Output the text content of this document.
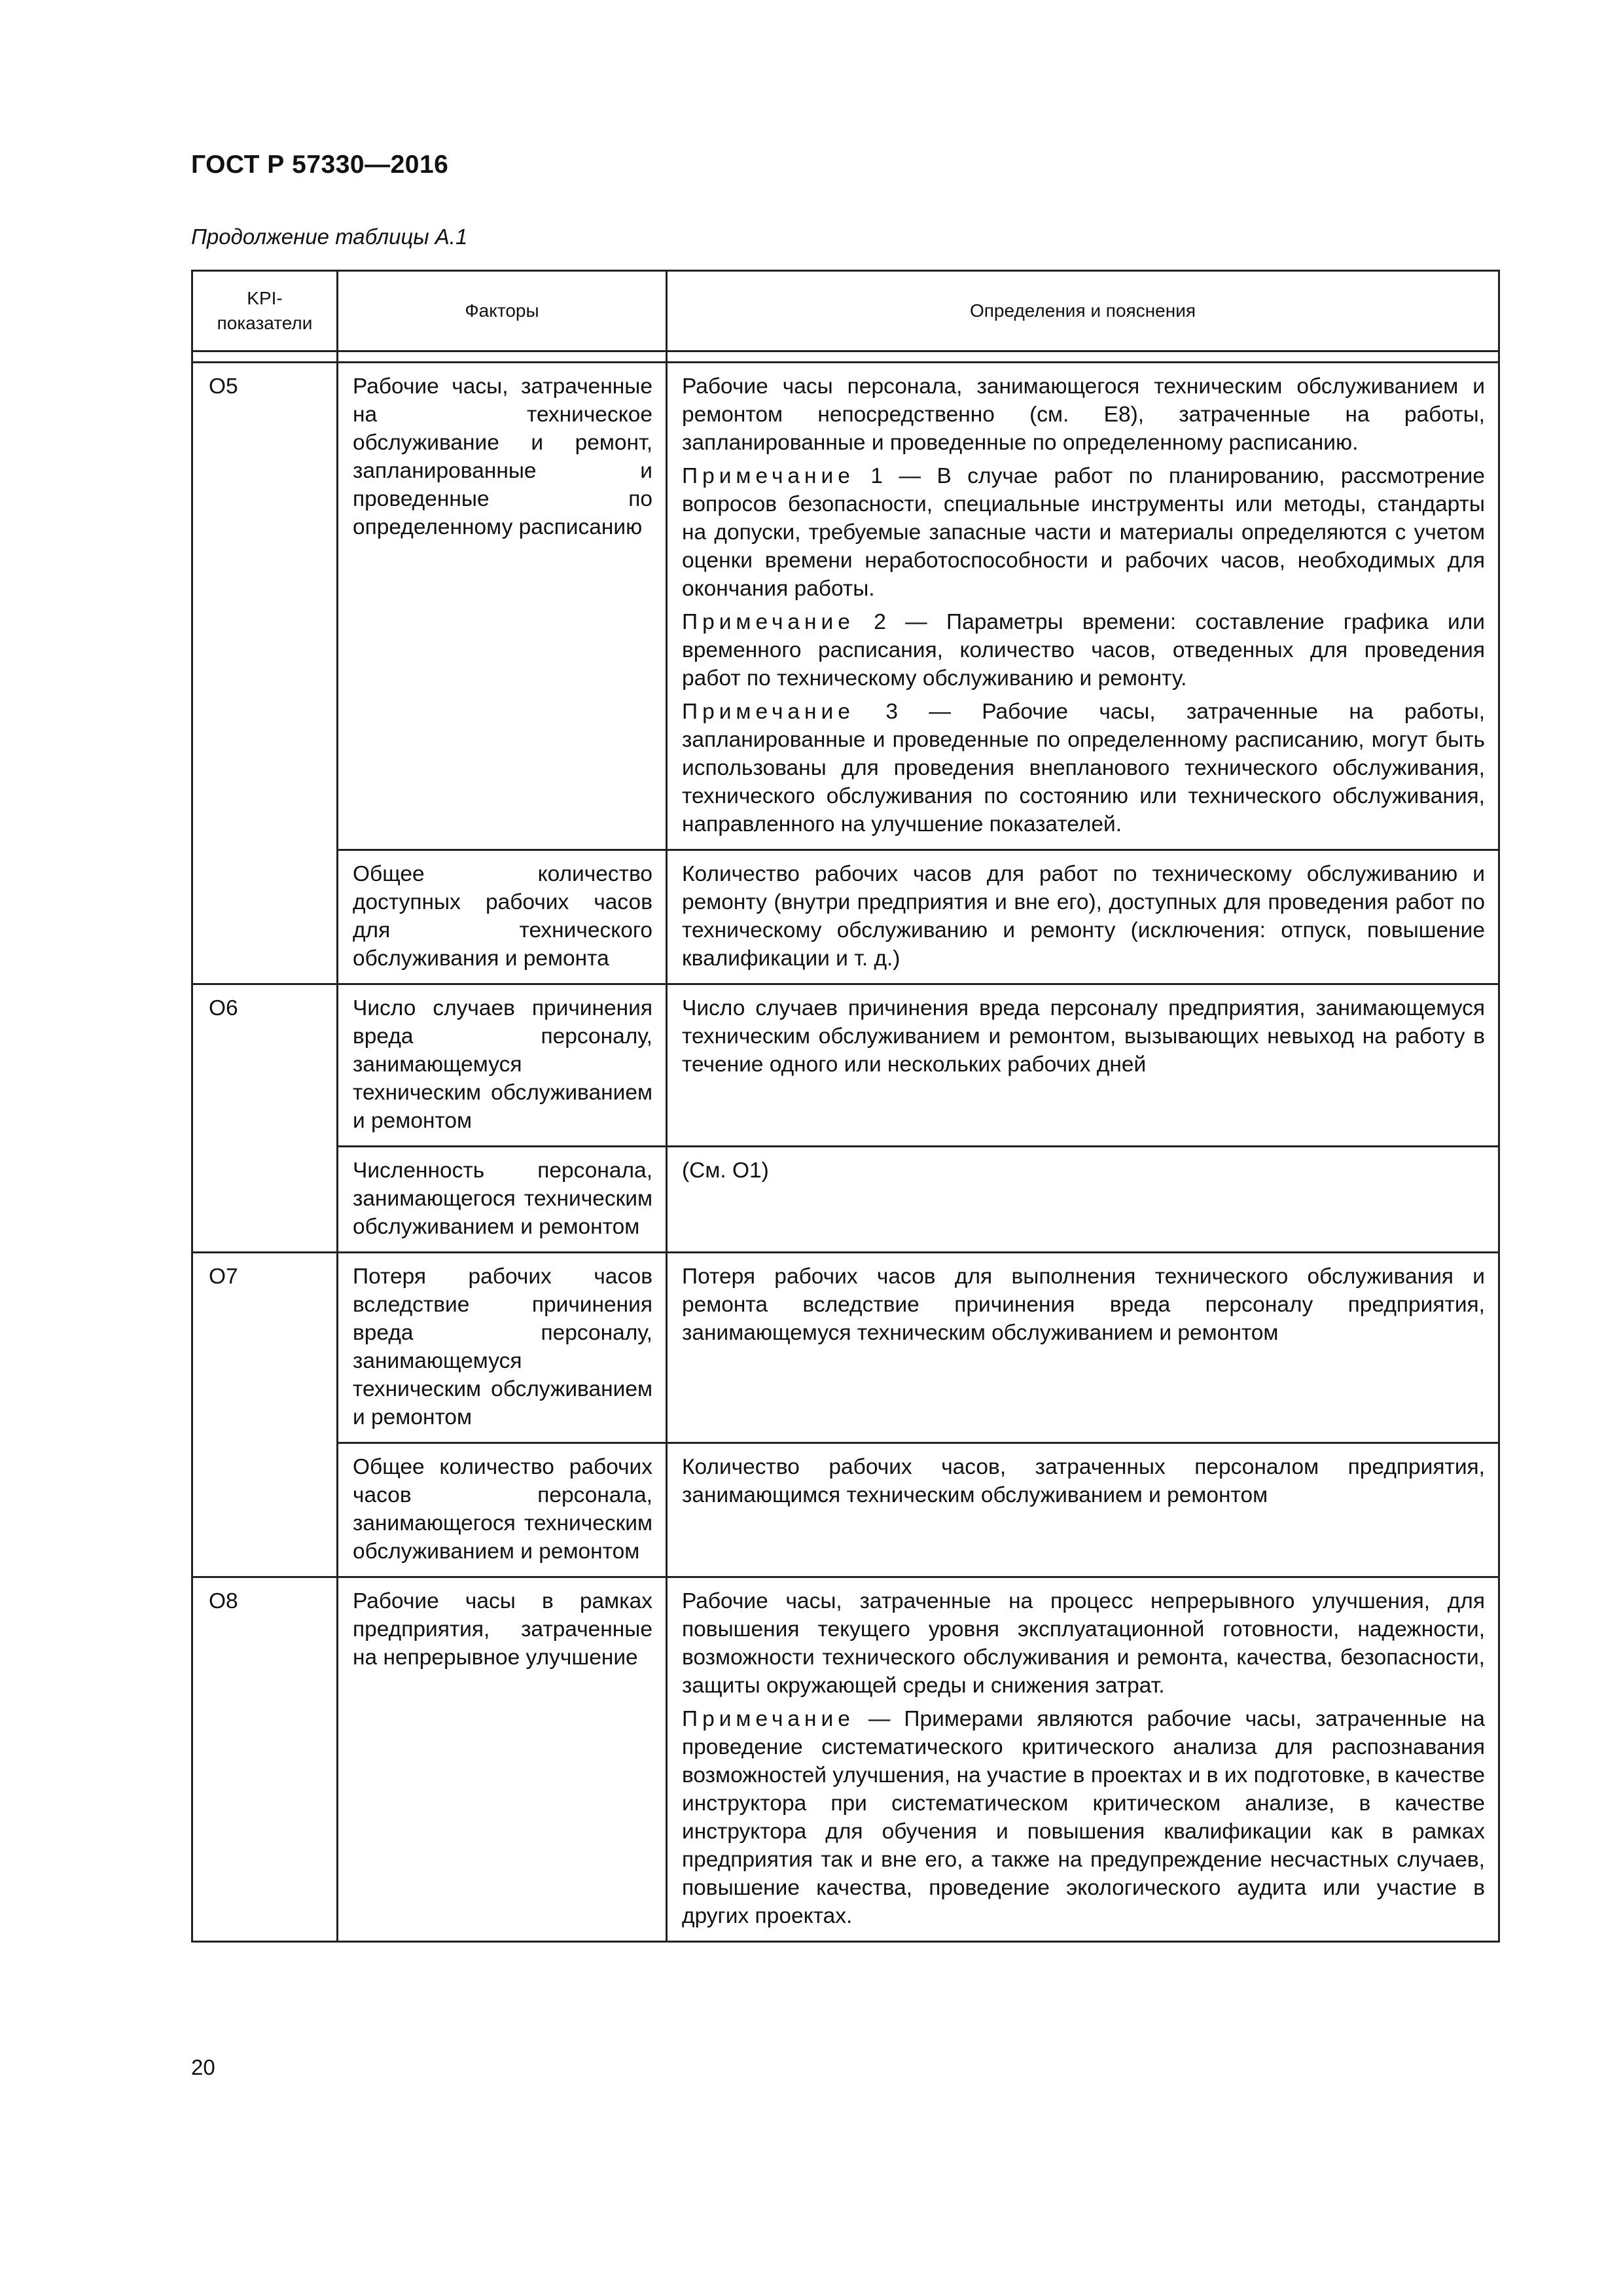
ГОСТ Р 57330—2016
Продолжение таблицы А.1
KPI-показатели	Факторы	Определения и пояснения

O5	Рабочие часы, затраченные на техническое обслуживание и ремонт, запланированные и проведенные по определенному расписанию	Рабочие часы персонала, занимающегося техническим обслуживанием и ремонтом непосредственно (см. Е8), затраченные на работы, запланированные и проведенные по определенному расписанию.
Примечание 1 — В случае работ по планированию, рассмотрение вопросов безопасности, специальные инструменты или методы, стандарты на допуски, требуемые запасные части и материалы определяются с учетом оценки времени неработоспособности и рабочих часов, необходимых для окончания работы.
Примечание 2 — Параметры времени: составление графика или временного расписания, количество часов, отведенных для проведения работ по техническому обслуживанию и ремонту.
Примечание 3 — Рабочие часы, затраченные на работы, запланированные и проведенные по определенному расписанию, могут быть использованы для проведения внепланового технического обслуживания, технического обслуживания по состоянию или технического обслуживания, направленного на улучшение показателей.

	Общее количество доступных рабочих часов для технического обслуживания и ремонта	Количество рабочих часов для работ по техническому обслуживанию и ремонту (внутри предприятия и вне его), доступных для проведения работ по техническому обслуживанию и ремонту (исключения: отпуск, повышение квалификации и т. д.)

O6	Число случаев причинения вреда персоналу, занимающемуся техническим обслуживанием и ремонтом	Число случаев причинения вреда персоналу предприятия, занимающемуся техническим обслуживанием и ремонтом, вызывающих невыход на работу в течение одного или нескольких рабочих дней

	Численность персонала, занимающегося техническим обслуживанием и ремонтом	(См. О1)

O7	Потеря рабочих часов вследствие причинения вреда персоналу, занимающемуся техническим обслуживанием и ремонтом	Потеря рабочих часов для выполнения технического обслуживания и ремонта вследствие причинения вреда персоналу предприятия, занимающемуся техническим обслуживанием и ремонтом

	Общее количество рабочих часов персонала, занимающегося техническим обслуживанием и ремонтом	Количество рабочих часов, затраченных персоналом предприятия, занимающимся техническим обслуживанием и ремонтом

O8	Рабочие часы в рамках предприятия, затраченные на непрерывное улучшение	Рабочие часы, затраченные на процесс непрерывного улучшения, для повышения текущего уровня эксплуатационной готовности, надежности, возможности технического обслуживания и ремонта, качества, безопасности, защиты окружающей среды и снижения затрат.
Примечание — Примерами являются рабочие часы, затраченные на проведение систематического критического анализа для распознавания возможностей улучшения, на участие в проектах и в их подготовке, в качестве инструктора при систематическом критическом анализе, в качестве инструктора для обучения и повышения квалификации как в рамках предприятия так и вне его, а также на предупреждение несчастных случаев, повышение качества, проведение экологического аудита или участие в других проектах.
20
